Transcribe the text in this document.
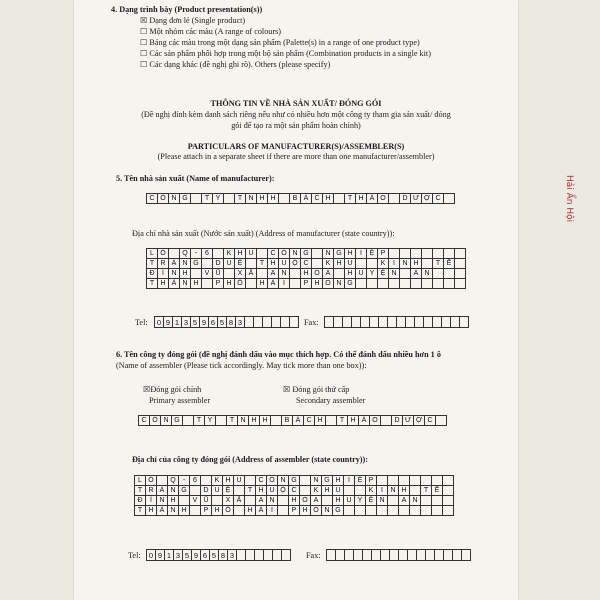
4. Dạng trình bày (Product presentation(s))
☒ Dạng đơn lẻ (Single product)
☐ Một nhóm các màu (A range of colours)
☐ Bảng các màu trong một dạng sản phẩm (Palette(s) in a range of one product type)
☐ Các sản phẩm phối hợp trong một bộ sản phẩm (Combination products in a single kit)
☐ Các dạng khác (đề nghị ghi rõ). Others (please specify)
THÔNG TIN VỀ NHÀ SẢN XUẤT/ ĐÓNG GÓI
(Đề nghị đính kèm danh sách riêng nếu như có nhiều hơn một công ty tham gia sản xuất/ đóng
gói để tạo ra một sản phẩm hoàn chỉnh)
PARTICULARS OF MANUFACTURER(S)/ASSEMBLER(S)
(Please attach in a separate sheet if there are more than one manufacturer/assembler)
5. Tên nhà sản xuất (Name of manufacturer):
C Ô N G	T Y	T N H H	B Á C H	T H Ả O	D Ư Ợ C
Địa chỉ nhà sản xuất (Nước sản xuất) (Address of manufacturer (state country)):
L Ô	Q	-	6	K H U	C Ô N G	N G H	I	Ệ P
T R À N G	D U Ệ	T H U Ộ C	K H U	K	I	N H	T Ế
Đ	Ì	N H	V Ũ	X Ã	A N	H Ò A	H U Y Ệ N	A N
T H À N H	P H Ố	H Ả	I	P H Ò N G
Tel: 0 9 1 3 5 9 6 5 8 3	Fax:
6. Tên công ty đóng gói (đề nghị đánh dấu vào mục thích hợp. Có thể đánh dấu nhiều hơn 1 ô
(Name of assembler (Please tick accordingly. May tick more than one box)):
☒Đóng gói chính
Primary assembler
☒ Đóng gói thứ cấp
Secondary assembler
C Ô N G	T Y	T N H H	B Á C H	T H Ả O	D Ư Ợ C
Địa chỉ của công ty đóng gói (Address of assembler (state country)):
L Ô	Q	-	6	K H U	C Ô N G	N G H	I	Ệ P
T R À N G	D U Ệ	T H U Ộ C	K H U	K	I	N H	T Ế
Đ	Ì	N H	V Ũ	X Ã	A N	H Ò A	H U Y Ệ N	A N
T H À N H	P H Ố	H Ả	I	P H Ò N G
Tel: 0 9 1 3 5 9 6 5 8 3	Fax:
Hải Ẩn Hội
